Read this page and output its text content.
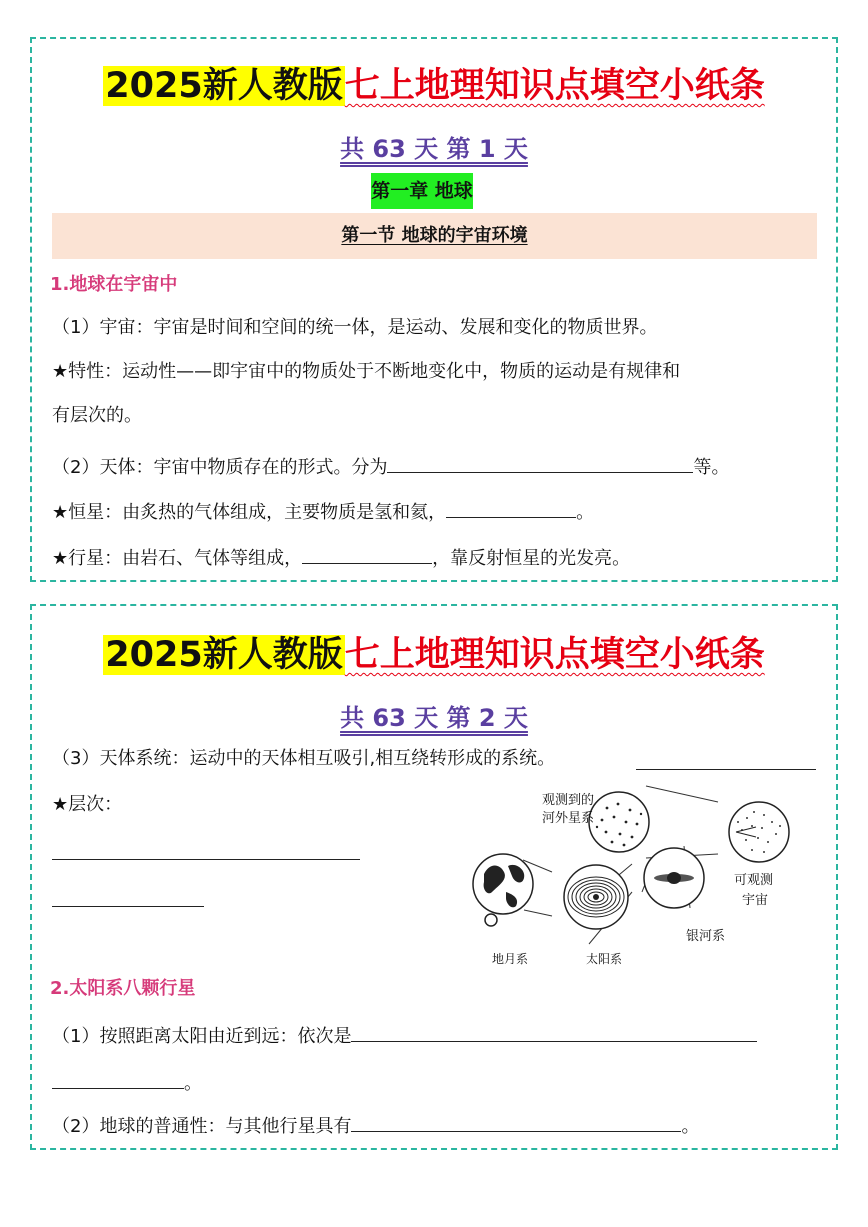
2025新人教版七上地理知识点填空小纸条
共 63 天 第 1 天
第一章 地球
第一节 地球的宇宙环境
1.地球在宇宙中
（1）宇宙：宇宙是时间和空间的统一体，是运动、发展和变化的物质世界。
★特性：运动性——即宇宙中的物质处于不断地变化中，物质的运动是有规律和
有层次的。
（2）天体：宇宙中物质存在的形式。分为	等。
★恒星：由炙热的气体组成，主要物质是氢和氦，	。
★行星：由岩石、气体等组成，	，靠反射恒星的光发亮。
2025新人教版七上地理知识点填空小纸条
共 63 天 第 2 天
（3）天体系统：运动中的天体相互吸引,相互绕转形成的系统。
★层次：	观测到的
河外星系
可观测
宇宙
银河系
太阳系
地月系
2.太阳系八颗行星
（1）按照距离太阳由近到远：依次是
。
（2）地球的普通性：与其他行星具有	。
